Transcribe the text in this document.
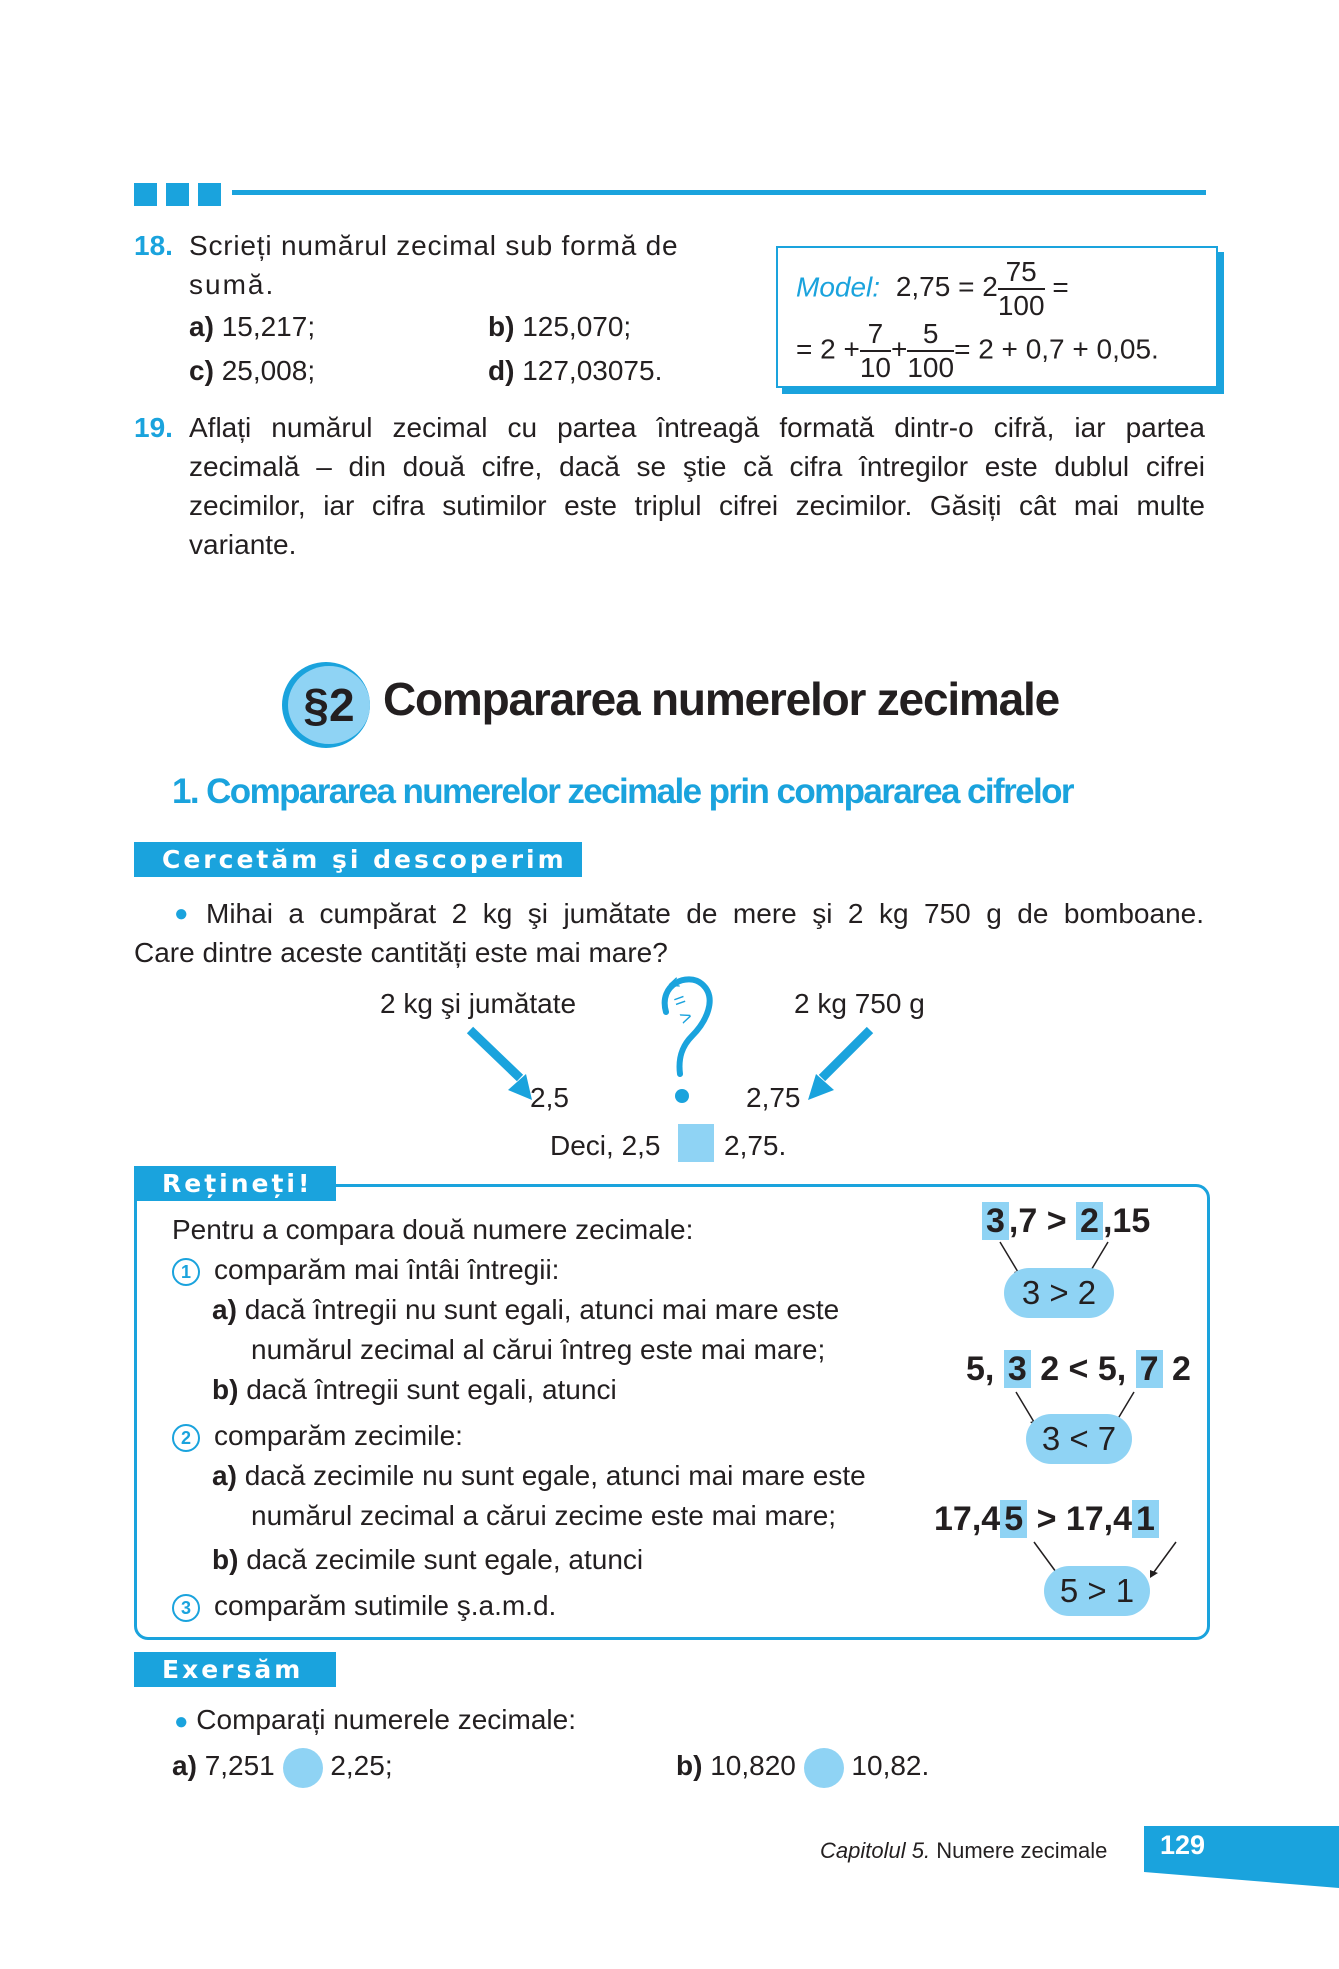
18. Scrieți numărul zecimal sub formă de
sumă.
a) 15,217;	b) 125,070;
c) 25,008;	d) 127,03075.
Model: $2,75 = 2 \frac{75}{100}$ =
= $2 + \frac{7}{10} + \frac{5}{100} = 2 + 0,7 + 0,05$.
19. Aflați numărul zecimal cu partea întreagă formată dintr-o cifră, iar partea
zecimală – din două cifre, dacă se ştie că cifra întregilor este dublul cifrei
zecimilor, iar cifra sutimilor este triplul cifrei zecimilor. Găsiți cât mai multe
variante.
§2 Compararea numerelor zecimale
1. Compararea numerelor zecimale prin compararea cifrelor
Cercetăm şi descoperim
● Mihai a cumpărat 2 kg şi jumătate de mere şi 2 kg 750 g de bomboane.
Care dintre aceste cantități este mai mare?
2 kg şi jumătate	2 kg 750 g
< = >
2,5	2,75
Deci, 2,5 2,75.
Rețineți!
Pentru a compara două numere zecimale:
1 comparăm mai întâi întregii:
a) dacă întregii nu sunt egali, atunci mai mare este
numărul zecimal al cărui întreg este mai mare;
b) dacă întregii sunt egali, atunci
2 comparăm zecimile:
a) dacă zecimile nu sunt egale, atunci mai mare este
numărul zecimal a cărui zecime este mai mare;
b) dacă zecimile sunt egale, atunci
3 comparăm sutimile ş.a.m.d.
3 ,7 > 2 ,15
3 > 2
5, 3 2 < 5, 7 2
3 < 7
17,4 5 > 17,4 1
5 > 1
Exersăm
● Comparați numerele zecimale:
a) 7,251 2,25;	b) 10,820 10,82.
Capitolul 5. Numere zecimale 129
